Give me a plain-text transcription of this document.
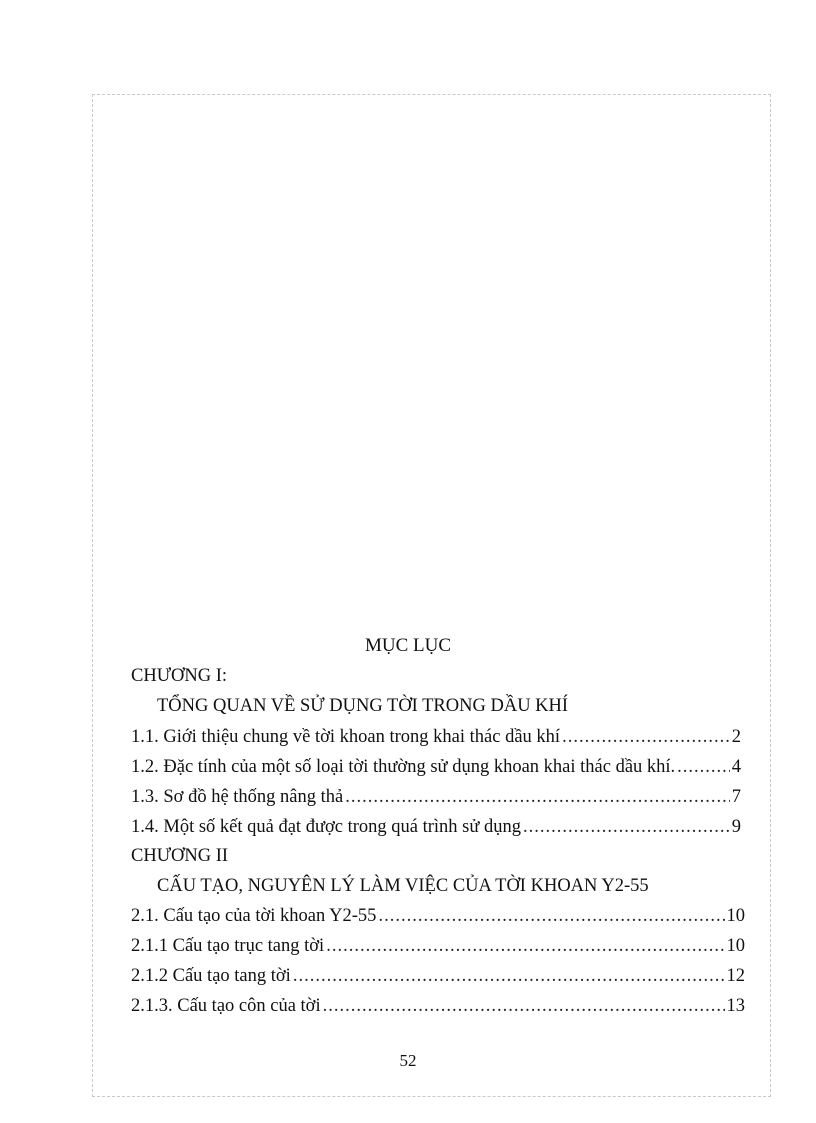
MỤC LỤC
CHƯƠNG I:
TỔNG QUAN VỀ SỬ DỤNG TỜI TRONG DẦU KHÍ
1.1. Giới thiệu chung về tời khoan trong khai thác dầu khí .....	2
1.2. Đặc tính của một số loại tời thường sử dụng khoan khai thác dầu khí. .....	4
1.3. Sơ đồ hệ thống nâng thả .....	7
1.4. Một số kết quả đạt được trong quá trình sử dụng .....	9
CHƯƠNG II
CẤU TẠO, NGUYÊN LÝ LÀM VIỆC CỦA TỜI KHOAN Y2-55
2.1. Cấu tạo của tời khoan Y2-55 .....	10
2.1.1 Cấu tạo trục tang tời .....	10
2.1.2 Cấu tạo tang tời .....	12
2.1.3. Cấu tạo côn của tời .....	13
52
